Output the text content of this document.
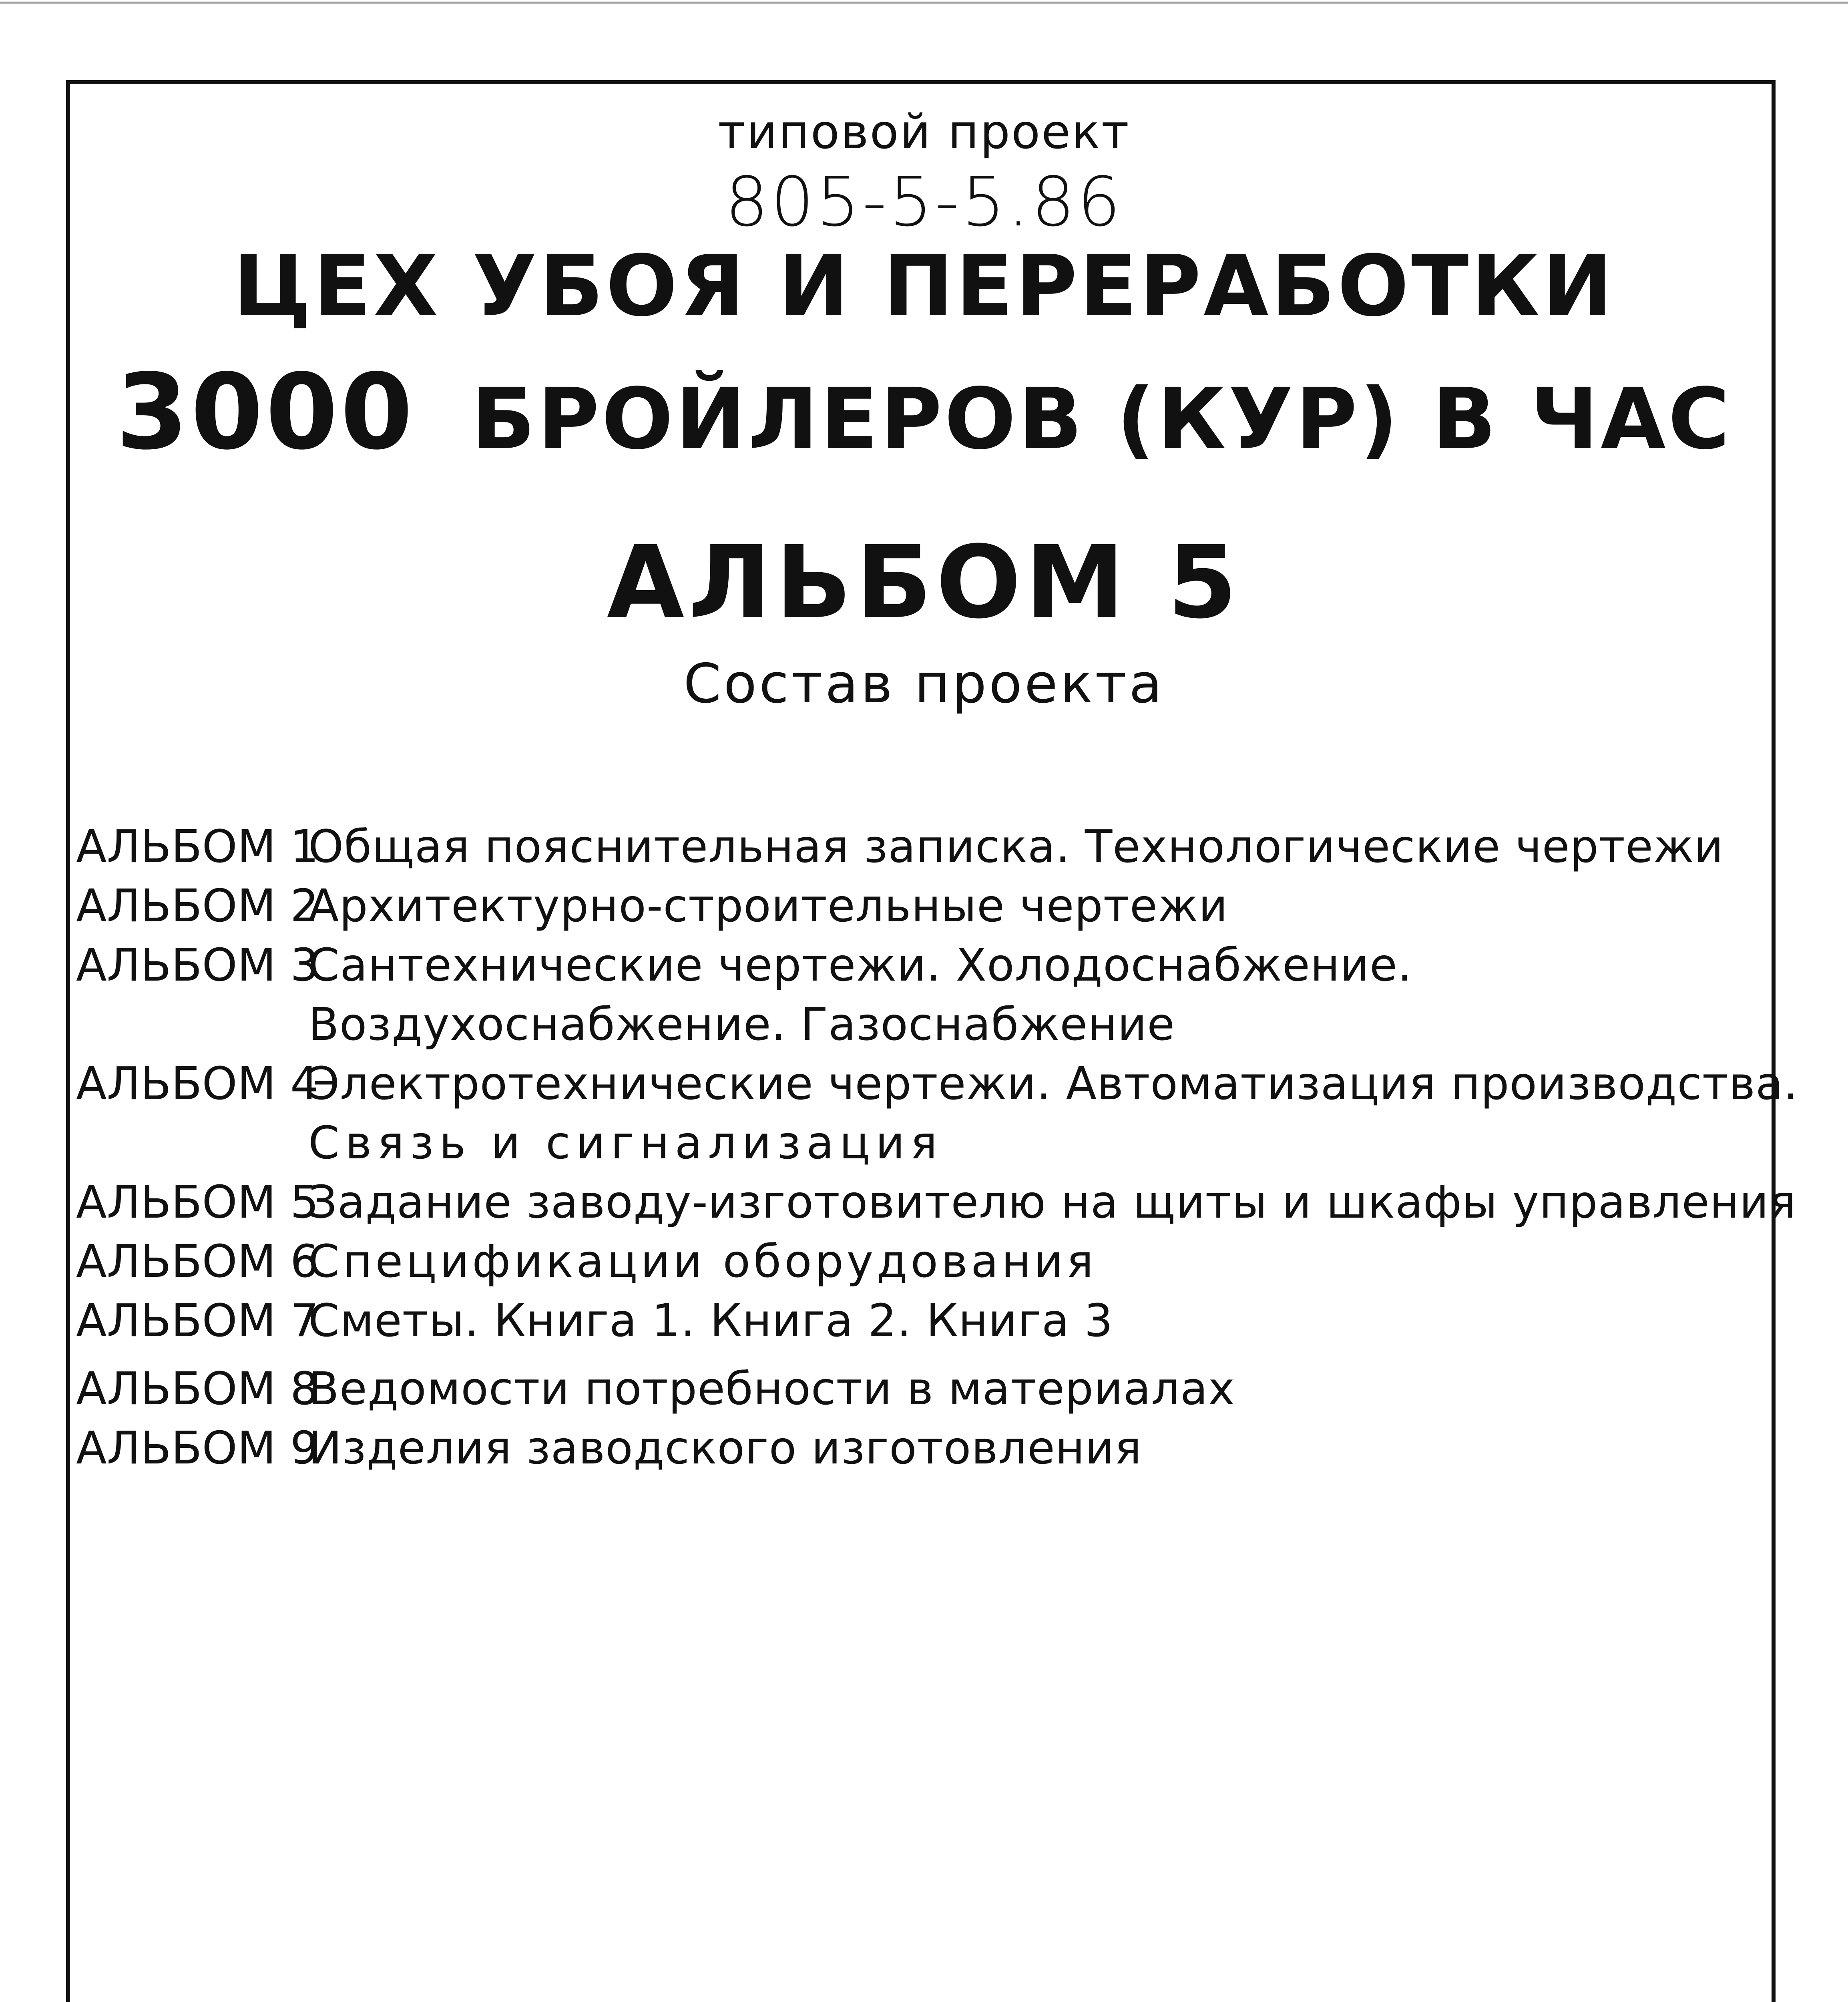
типовой проект
805-5-5.86
ЦЕХ УБОЯ И ПЕРЕРАБОТКИ
3000 БРОЙЛЕРОВ (КУР) В ЧАС
АЛЬБОМ 5
Состав проекта
АЛЬБОМ 1
Общая пояснительная записка. Технологические чертежи
АЛЬБОМ 2
Архитектурно-строительные чертежи
АЛЬБОМ 3
Сантехнические чертежи. Холодоснабжение.
Воздухоснабжение. Газоснабжение
АЛЬБОМ 4
Электротехнические чертежи. Автоматизация производства.
Связь и сигнализация
АЛЬБОМ 5
Задание заводу-изготовителю на щиты и шкафы управления
АЛЬБОМ 6
Спецификации оборудования
АЛЬБОМ 7
Сметы. Книга 1. Книга 2. Книга 3
АЛЬБОМ 8
Ведомости потребности в материалах
АЛЬБОМ 9
Изделия заводского изготовления
